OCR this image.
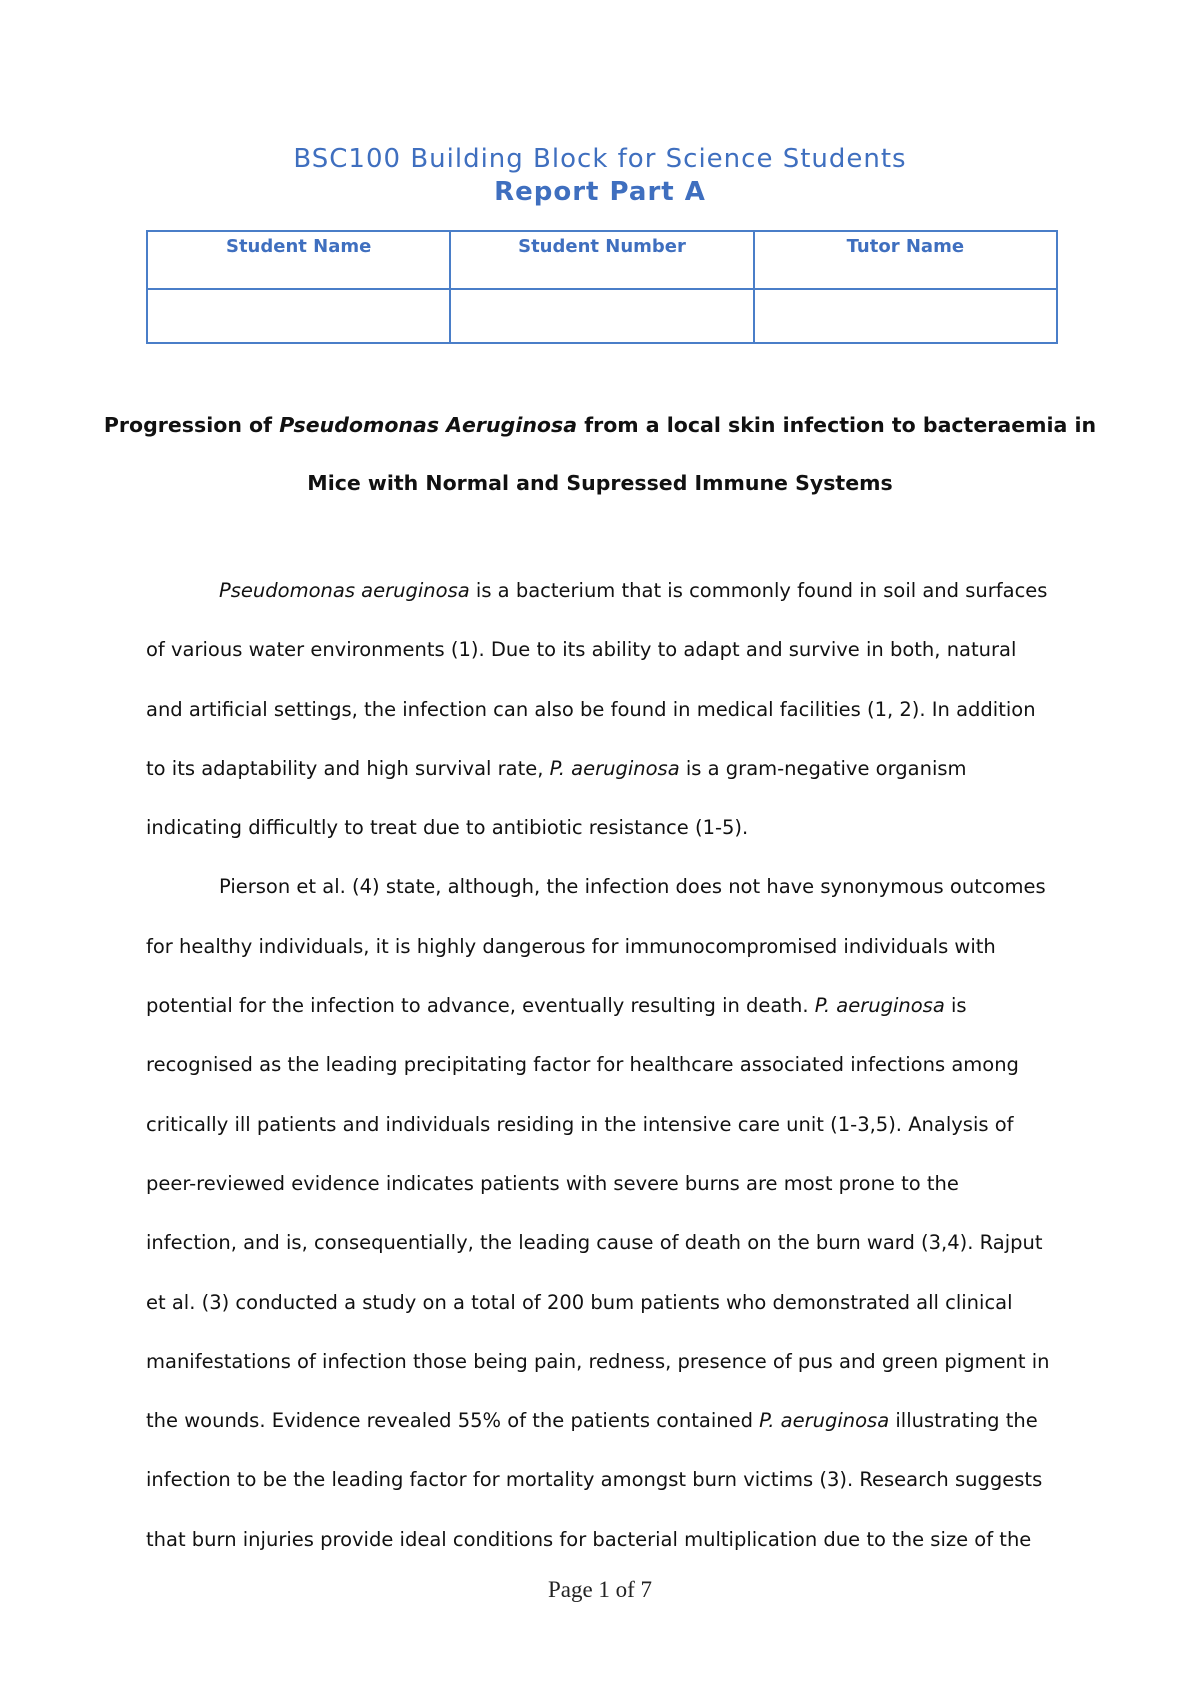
BSC100 Building Block for Science Students
Report Part A
Student Name	Student Number	Tutor Name

Progression of Pseudomonas Aeruginosa from a local skin infection to bacteraemia in
Mice with Normal and Supressed Immune Systems
Pseudomonas aeruginosa is a bacterium that is commonly found in soil and surfaces
of various water environments (1). Due to its ability to adapt and survive in both, natural
and artificial settings, the infection can also be found in medical facilities (1, 2). In addition
to its adaptability and high survival rate, P. aeruginosa is a gram-negative organism
indicating difficultly to treat due to antibiotic resistance (1-5).
Pierson et al. (4) state, although, the infection does not have synonymous outcomes
for healthy individuals, it is highly dangerous for immunocompromised individuals with
potential for the infection to advance, eventually resulting in death. P. aeruginosa is
recognised as the leading precipitating factor for healthcare associated infections among
critically ill patients and individuals residing in the intensive care unit (1-3,5). Analysis of
peer-reviewed evidence indicates patients with severe burns are most prone to the
infection, and is, consequentially, the leading cause of death on the burn ward (3,4). Rajput
et al. (3) conducted a study on a total of 200 bum patients who demonstrated all clinical
manifestations of infection those being pain, redness, presence of pus and green pigment in
the wounds. Evidence revealed 55% of the patients contained P. aeruginosa illustrating the
infection to be the leading factor for mortality amongst burn victims (3). Research suggests
that burn injuries provide ideal conditions for bacterial multiplication due to the size of the
Page 1 of 7
